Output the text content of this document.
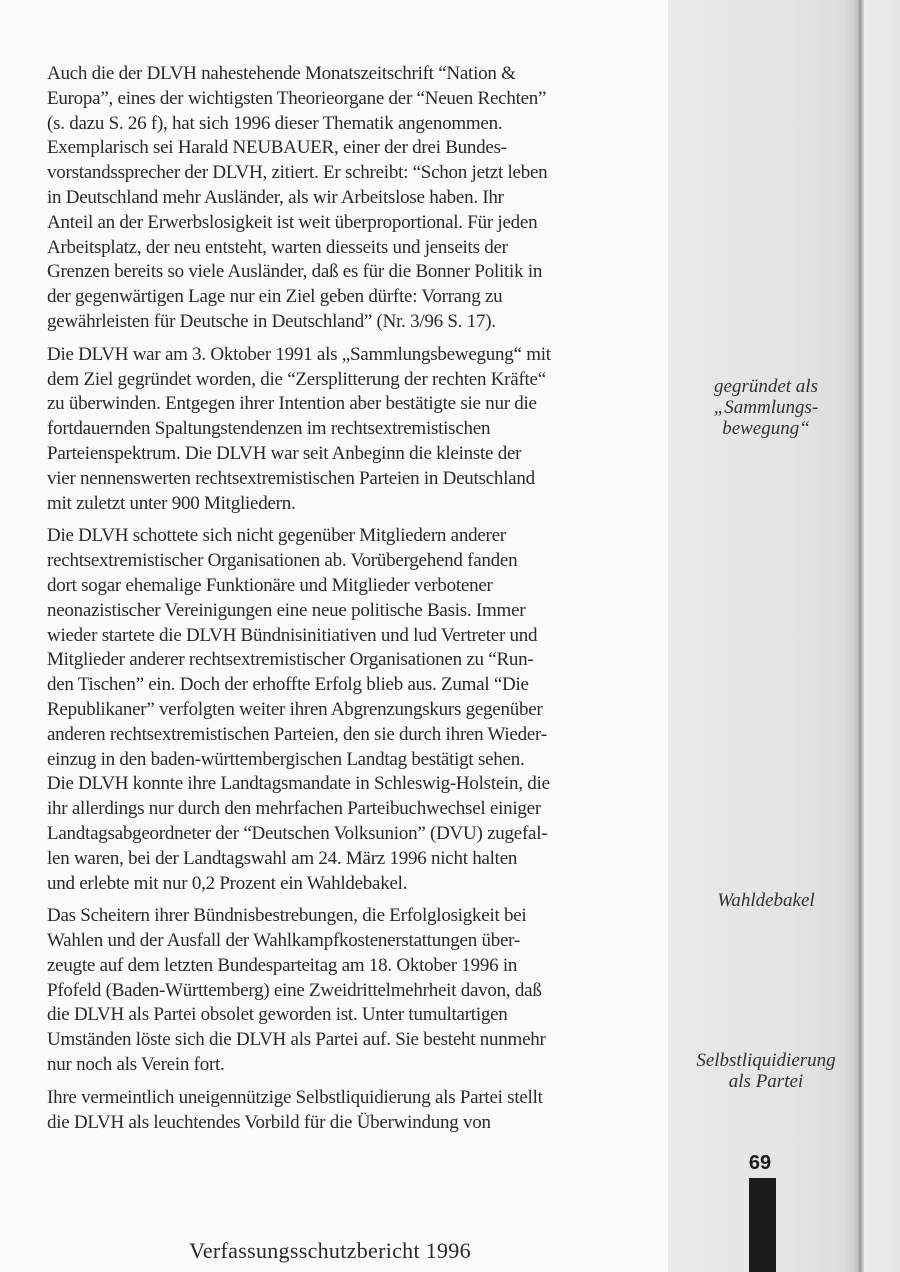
Auch die der DLVH nahestehende Monatszeitschrift “Nation &
Europa”, eines der wichtigsten Theorieorgane der “Neuen Rechten”
(s. dazu S. 26 f), hat sich 1996 dieser Thematik angenommen.
Exemplarisch sei Harald NEUBAUER, einer der drei Bundes-
vorstandssprecher der DLVH, zitiert. Er schreibt: “Schon jetzt leben
in Deutschland mehr Ausländer, als wir Arbeitslose haben. Ihr
Anteil an der Erwerbslosigkeit ist weit überproportional. Für jeden
Arbeitsplatz, der neu entsteht, warten diesseits und jenseits der
Grenzen bereits so viele Ausländer, daß es für die Bonner Politik in
der gegenwärtigen Lage nur ein Ziel geben dürfte: Vorrang zu
gewährleisten für Deutsche in Deutschland” (Nr. 3/96 S. 17).

Die DLVH war am 3. Oktober 1991 als „Sammlungsbewegung“ mit
dem Ziel gegründet worden, die “Zersplitterung der rechten Kräfte“
zu überwinden. Entgegen ihrer Intention aber bestätigte sie nur die
fortdauernden Spaltungstendenzen im rechtsextremistischen
Parteienspektrum. Die DLVH war seit Anbeginn die kleinste der
vier nennenswerten rechtsextremistischen Parteien in Deutschland
mit zuletzt unter 900 Mitgliedern.

Die DLVH schottete sich nicht gegenüber Mitgliedern anderer
rechtsextremistischer Organisationen ab. Vorübergehend fanden
dort sogar ehemalige Funktionäre und Mitglieder verbotener
neonazistischer Vereinigungen eine neue politische Basis. Immer
wieder startete die DLVH Bündnisinitiativen und lud Vertreter und
Mitglieder anderer rechtsextremistischer Organisationen zu “Run-
den Tischen” ein. Doch der erhoffte Erfolg blieb aus. Zumal “Die
Republikaner” verfolgten weiter ihren Abgrenzungskurs gegenüber
anderen rechtsextremistischen Parteien, den sie durch ihren Wieder-
einzug in den baden-württembergischen Landtag bestätigt sehen.
Die DLVH konnte ihre Landtagsmandate in Schleswig-Holstein, die
ihr allerdings nur durch den mehrfachen Parteibuchwechsel einiger
Landtagsabgeordneter der “Deutschen Volksunion” (DVU) zugefal-
len waren, bei der Landtagswahl am 24. März 1996 nicht halten
und erlebte mit nur 0,2 Prozent ein Wahldebakel.

Das Scheitern ihrer Bündnisbestrebungen, die Erfolglosigkeit bei
Wahlen und der Ausfall der Wahlkampfkostenerstattungen über-
zeugte auf dem letzten Bundesparteitag am 18. Oktober 1996 in
Pfofeld (Baden-Württemberg) eine Zweidrittelmehrheit davon, daß
die DLVH als Partei obsolet geworden ist. Unter tumultartigen
Umständen löste sich die DLVH als Partei auf. Sie besteht nunmehr
nur noch als Verein fort.

Ihre vermeintlich uneigennützige Selbstliquidierung als Partei stellt
die DLVH als leuchtendes Vorbild für die Überwindung von

gegründet als
„Sammlungs-
bewegung“
Wahldebakel
Selbstliquidierung
als Partei
69
Verfassungsschutzbericht 1996
